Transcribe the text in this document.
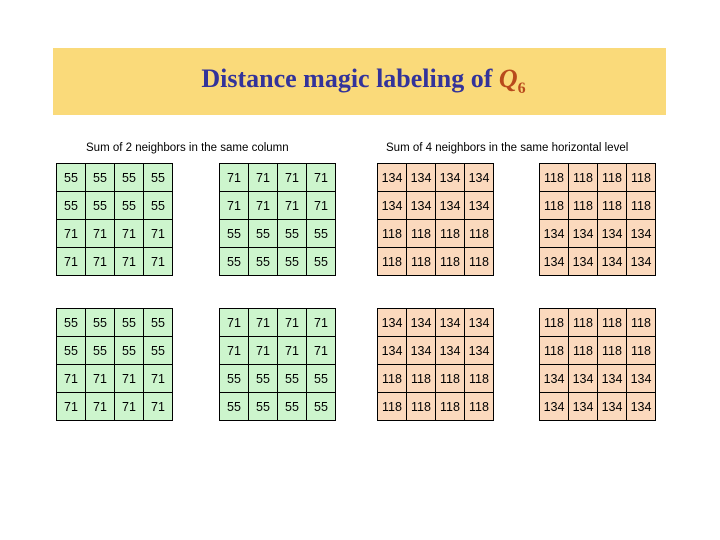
Distance magic labeling of $Q_6$
Sum of 2 neighbors in the same column	Sum of 4 neighbors in the same horizontal level
55	55	55	55
55	55	55	55
71	71	71	71
71	71	71	71
71	71	71	71
71	71	71	71
55	55	55	55
55	55	55	55
134	134	134	134
134	134	134	134
118	118	118	118
118	118	118	118
118	118	118	118
118	118	118	118
134	134	134	134
134	134	134	134
55	55	55	55
55	55	55	55
71	71	71	71
71	71	71	71
71	71	71	71
71	71	71	71
55	55	55	55
55	55	55	55
134	134	134	134
134	134	134	134
118	118	118	118
118	118	118	118
118	118	118	118
118	118	118	118
134	134	134	134
134	134	134	134
